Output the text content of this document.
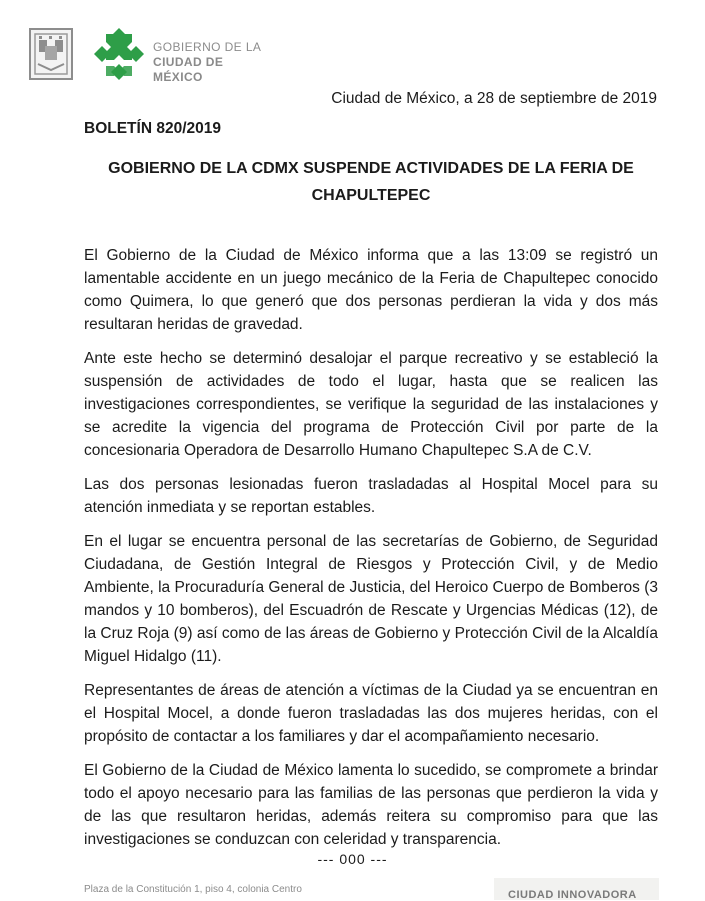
GOBIERNO DE LA
CIUDAD DE MÉXICO
Ciudad de México, a 28 de septiembre de 2019
BOLETÍN 820/2019
GOBIERNO DE LA CDMX SUSPENDE ACTIVIDADES DE LA FERIA DE CHAPULTEPEC

El Gobierno de la Ciudad de México informa que a las 13:09 se registró un lamentable accidente en un juego mecánico de la Feria de Chapultepec conocido como Quimera, lo que generó que dos personas perdieran la vida y dos más resultaran heridas de gravedad.

Ante este hecho se determinó desalojar el parque recreativo y se estableció la suspensión de actividades de todo el lugar, hasta que se realicen las investigaciones correspondientes, se verifique la seguridad de las instalaciones y se acredite la vigencia del programa de Protección Civil por parte de la concesionaria Operadora de Desarrollo Humano Chapultepec S.A de C.V.

Las dos personas lesionadas fueron trasladadas al Hospital Mocel para su atención inmediata y se reportan estables.

En el lugar se encuentra personal de las secretarías de Gobierno, de Seguridad Ciudadana, de Gestión Integral de Riesgos y Protección Civil, y de Medio Ambiente, la Procuraduría General de Justicia, del Heroico Cuerpo de Bomberos (3 mandos y 10 bomberos), del Escuadrón de Rescate y Urgencias Médicas (12), de la Cruz Roja (9) así como de las áreas de Gobierno y Protección Civil de la Alcaldía Miguel Hidalgo (11).

Representantes de áreas de atención a víctimas de la Ciudad ya se encuentran en el Hospital Mocel, a donde fueron trasladadas las dos mujeres heridas, con el propósito de contactar a los familiares y dar el acompañamiento necesario.

El Gobierno de la Ciudad de México lamenta lo sucedido, se compromete a brindar todo el apoyo necesario para las familias de las personas que perdieron la vida y de las que resultaron heridas, además reitera su compromiso para que las investigaciones se conduzcan con celeridad y transparencia.

--- 000 ---
Plaza de la Constitución 1, piso 4, colonia Centro	CIUDAD INNOVADORA
